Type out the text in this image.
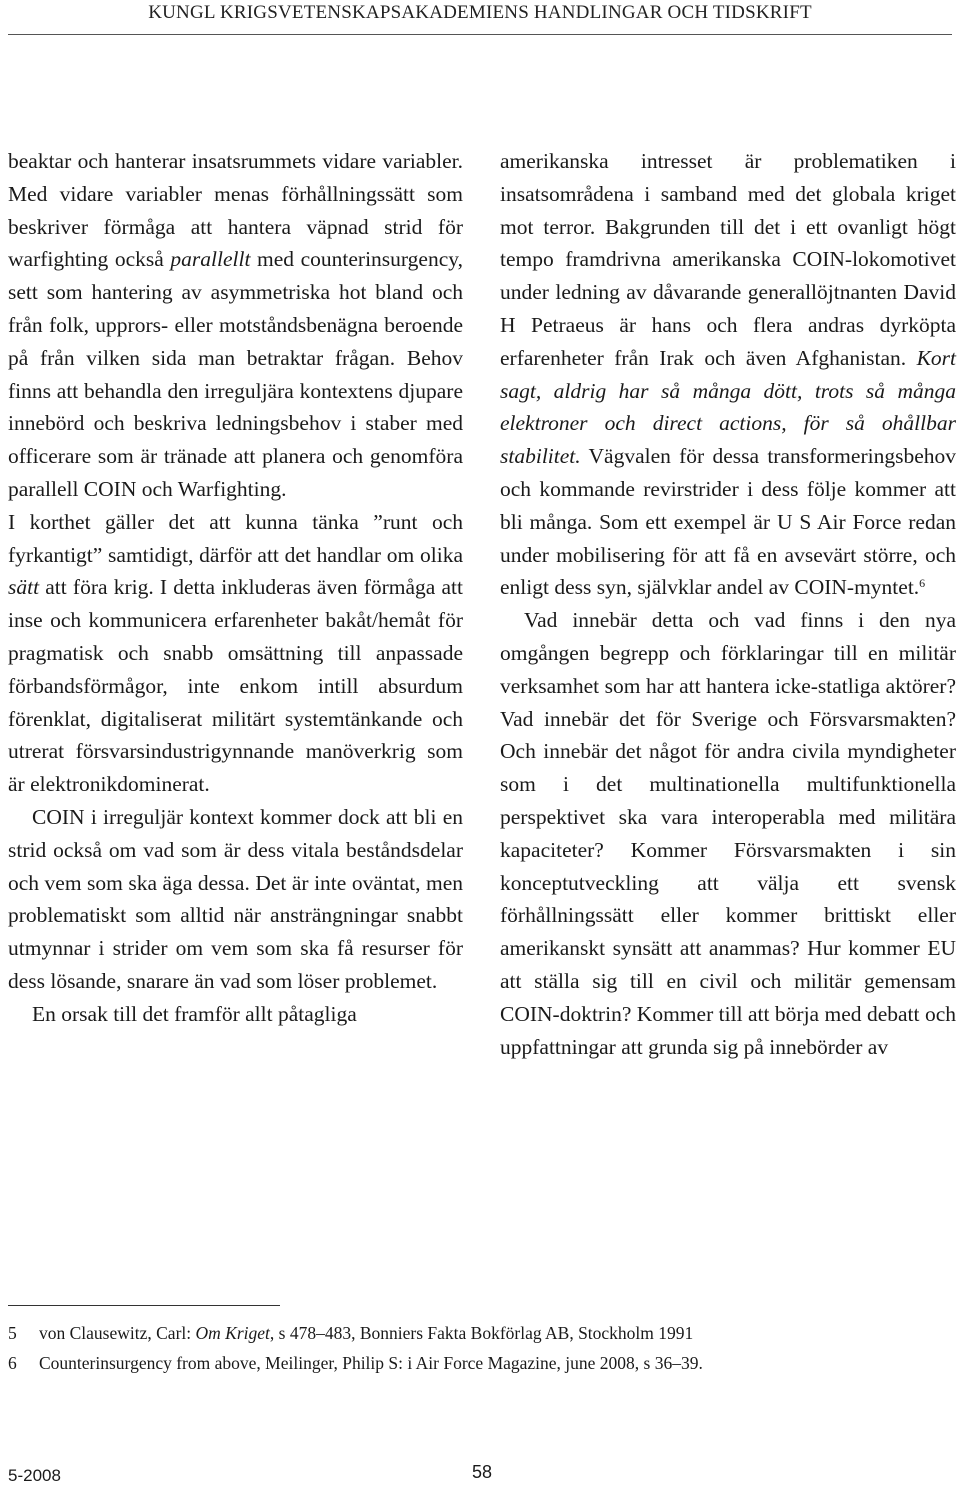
KUNGL KRIGSVETENSKAPSAKADEMIENS HANDLINGAR OCH TIDSKRIFT

beaktar och hanterar insatsrummets vidare variabler. Med vidare variabler menas förhållningssätt som beskriver förmåga att hantera väpnad strid för warfighting också parallellt med counterinsurgency, sett som hantering av asymmetriska hot bland och från folk, upprors- eller motståndsbenägna beroende på från vilken sida man betraktar frågan. Behov finns att behandla den irreguljära kontextens djupare innebörd och beskriva ledningsbehov i staber med officerare som är tränade att planera och genomföra parallell COIN och Warfighting.

I korthet gäller det att kunna tänka ”runt och fyrkantigt” samtidigt, därför att det handlar om olika sätt att föra krig. I detta inkluderas även förmåga att inse och kommunicera erfarenheter bakåt/hemåt för pragmatisk och snabb omsättning till anpassade förbandsförmågor, inte enkom intill absurdum förenklat, digitaliserat militärt systemtänkande och utrerat försvarsindustrigynnande manöverkrig som är elektronikdominerat.

COIN i irreguljär kontext kommer dock att bli en strid också om vad som är dess vitala beståndsdelar och vem som ska äga dessa. Det är inte oväntat, men problematiskt som alltid när ansträngningar snabbt utmynnar i strider om vem som ska få resurser för dess lösande, snarare än vad som löser problemet.

En orsak till det framför allt påtagliga

amerikanska intresset är problematiken i insatsområdena i samband med det globala kriget mot terror. Bakgrunden till det i ett ovanligt högt tempo framdrivna amerikanska COIN-lokomotivet under ledning av dåvarande generallöjtnanten David H Petraeus är hans och flera andras dyrköpta erfarenheter från Irak och även Afghanistan. Kort sagt, aldrig har så många dött, trots så många elektroner och direct actions, för så ohållbar stabilitet. Vägvalen för dessa transformeringsbehov och kommande revirstrider i dess följe kommer att bli många. Som ett exempel är U S Air Force redan under mobilisering för att få en avsevärt större, och enligt dess syn, självklar andel av COIN-myntet.$^6$

Vad innebär detta och vad finns i den nya omgången begrepp och förklaringar till en militär verksamhet som har att hantera icke-statliga aktörer? Vad innebär det för Sverige och Försvarsmakten? Och innebär det något för andra civila myndigheter som i det multinationella multifunktionella perspektivet ska vara interoperabla med militära kapaciteter? Kommer Försvarsmakten i sin konceptutveckling att välja ett svensk förhållningssätt eller kommer brittiskt eller amerikanskt synsätt att anammas? Hur kommer EU att ställa sig till en civil och militär gemensam COIN-doktrin? Kommer till att börja med debatt och uppfattningar att grunda sig på innebörder av

5	von Clausewitz, Carl: Om Kriget, s 478–483, Bonniers Fakta Bokförlag AB, Stockholm 1991
6	Counterinsurgency from above, Meilinger, Philip S: i Air Force Magazine, june 2008, s 36–39.
5-2008	58
